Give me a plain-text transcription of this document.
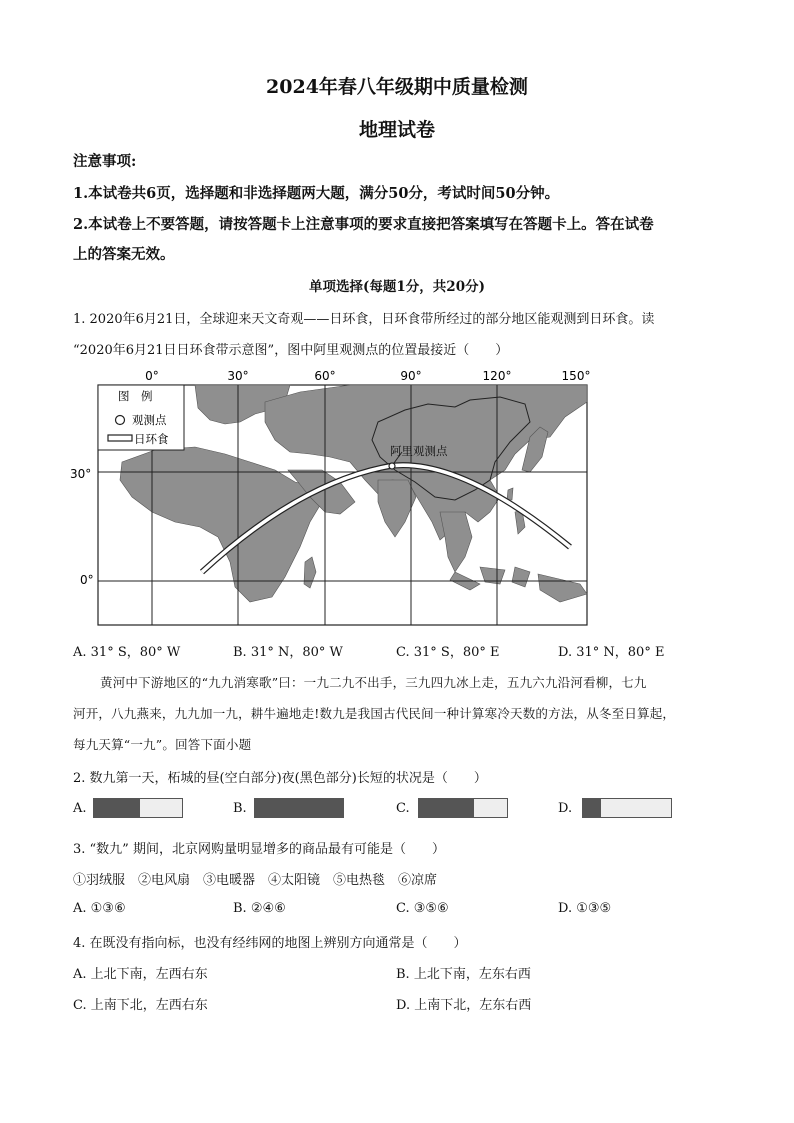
2024年春八年级期中质量检测
地理试卷
注意事项:
1.本试卷共6页，选择题和非选择题两大题，满分50分，考试时间50分钟。
2.本试卷上不要答题，请按答题卡上注意事项的要求直接把答案填写在答题卡上。答在试卷
上的答案无效。
单项选择(每题1分，共20分)
1. 2020年6月21日，全球迎来天文奇观——日环食，日环食带所经过的部分地区能观测到日环食。读
“2020年6月21日日环食带示意图”，图中阿里观测点的位置最接近（　　）
0°	30°	60°	90°	120°	150°
30°
0°
阿里观测点
图　例
观测点
日环食
A. 31° S，80° W	B. 31° N，80° W	C. 31° S，80° E	D. 31° N，80° E
黄河中下游地区的“九九消寒歌”曰：一九二九不出手，三九四九冰上走，五九六九沿河看柳，七九
河开，八九燕来，九九加一九，耕牛遍地走!数九是我国古代民间一种计算寒冷天数的方法，从冬至日算起，
每九天算“一九”。回答下面小题
2. 数九第一天，柘城的昼(空白部分)夜(黑色部分)长短的状况是（　　）
A.	B.	C.	D.
3. “数九” 期间，北京网购量明显增多的商品最有可能是（　　）
①羽绒服　②电风扇　③电暖器　④太阳镜　⑤电热毯　⑥凉席
A. ①③⑥	B. ②④⑥	C. ③⑤⑥	D. ①③⑤
4. 在既没有指向标，也没有经纬网的地图上辨别方向通常是（　　）
A. 上北下南，左西右东	B. 上北下南，左东右西
C. 上南下北，左西右东	D. 上南下北，左东右西
